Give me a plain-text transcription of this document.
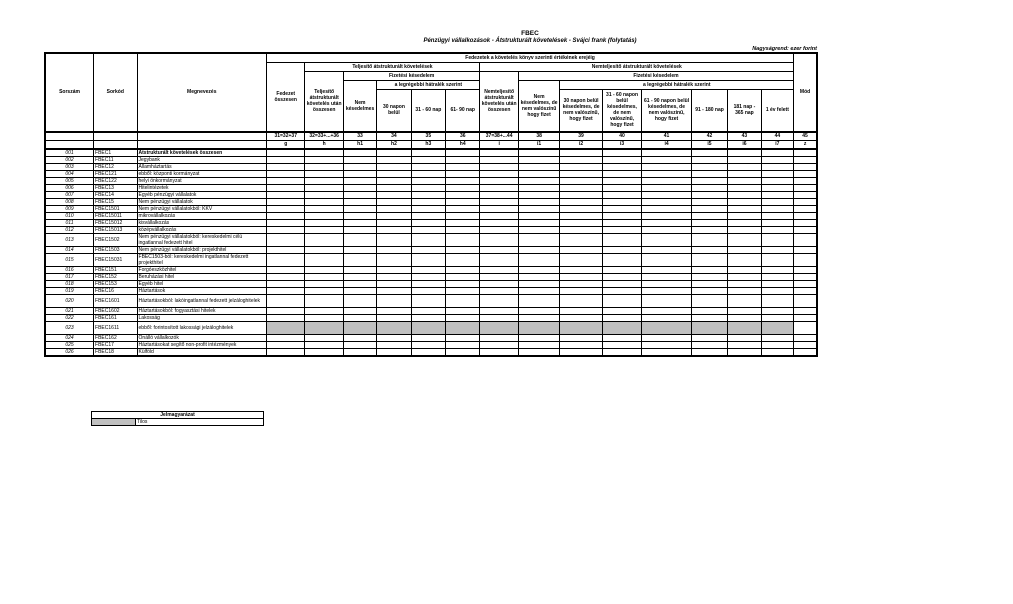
FBEC
Pénzügyi vállalkozások - Átstrukturált követelések - Svájci frank (folytatás)
Nagyságrend: ezer forint
Sorszám	Sorkód	Megnevezés	Fedezetek a követelés könyv szerinti értékének erejéig														Mód
			Fedezet összesen	Teljesítő átstrukturált követelések					Nemteljesítő átstrukturált követelések								
				Teljesítő átstrukturált követelés után összesen	Fizetési késedelem				Nemteljesítő átstrukturált követelés után összesen	Fizetési késedelem							
					Nem késedelmes	a legrégebbi hátralék szerint				Nem késedelmes, de nem valószínű hogy fizet	a legrégebbi hátralék szerint						
						30 napon belül	31 - 60 nap	61- 90 nap			30 napon belül késedelmes, de nem valószínű, hogy fizet	31 - 60 napon belül késedelmes, de nem valószínű, hogy fizet	61 - 90 napon belül késedelmes, de nem valószínű, hogy fizet	91 - 180 nap	181 nap - 365 nap	1 év felett	
			31=32+37	32=33+...+36	33	34	35	36	37=38+...44	38	39	40	41	42	43	44	45
			g	h	h1	h2	h3	h4	i	i1	i2	i3	i4	i5	i6	i7	z
001	FBEC1	Átstrukturált követelések összesen															
002	FBEC11	Jegybank															
003	FBEC12	Államháztartás															
004	FBEC121	ebből: központi kormányzat															
005	FBEC122	helyi önkormányzat															
006	FBEC13	Hitelintézetek															
007	FBEC14	Egyéb pénzügyi vállalatok															
008	FBEC15	Nem pénzügyi vállalatok															
009	FBEC1501	Nem pénzügyi vállalatokból: KKV															
010	FBEC15011	mikrovállalkozás															
011	FBEC15012	kisvállalkozás															
012	FBEC15013	középvállalkozás															
013	FBEC1502	Nem pénzügyi vállalatokból: kereskedelmi célú ingatlannal fedezett hitel															
014	FBEC1503	Nem pénzügyi vállalatokból: projekthitel															
015	FBEC15031	FBEC1503-ból: kereskedelmi ingatlannal fedezett projekthitel															
016	FBEC151	Forgóeszközhitel															
017	FBEC152	Beruházási hitel															
018	FBEC153	Egyéb hitel															
019	FBEC16	Háztartások															
020	FBEC1601	Háztartásokból: lakóingatlannal fedezett jelzáloghitelek															
021	FBEC1602	Háztartásokból: fogyasztási hitelek															
022	FBEC161	Lakosság															
023	FBEC1611	ebből: forintosított lakossági jelzáloghitelek															
024	FBEC162	Önálló vállalkozók															
025	FBEC17	Háztartásokat segítő non-profit intézmények															
026	FBEC18	Külföld															
Jelmagyarázat
	Tilos
